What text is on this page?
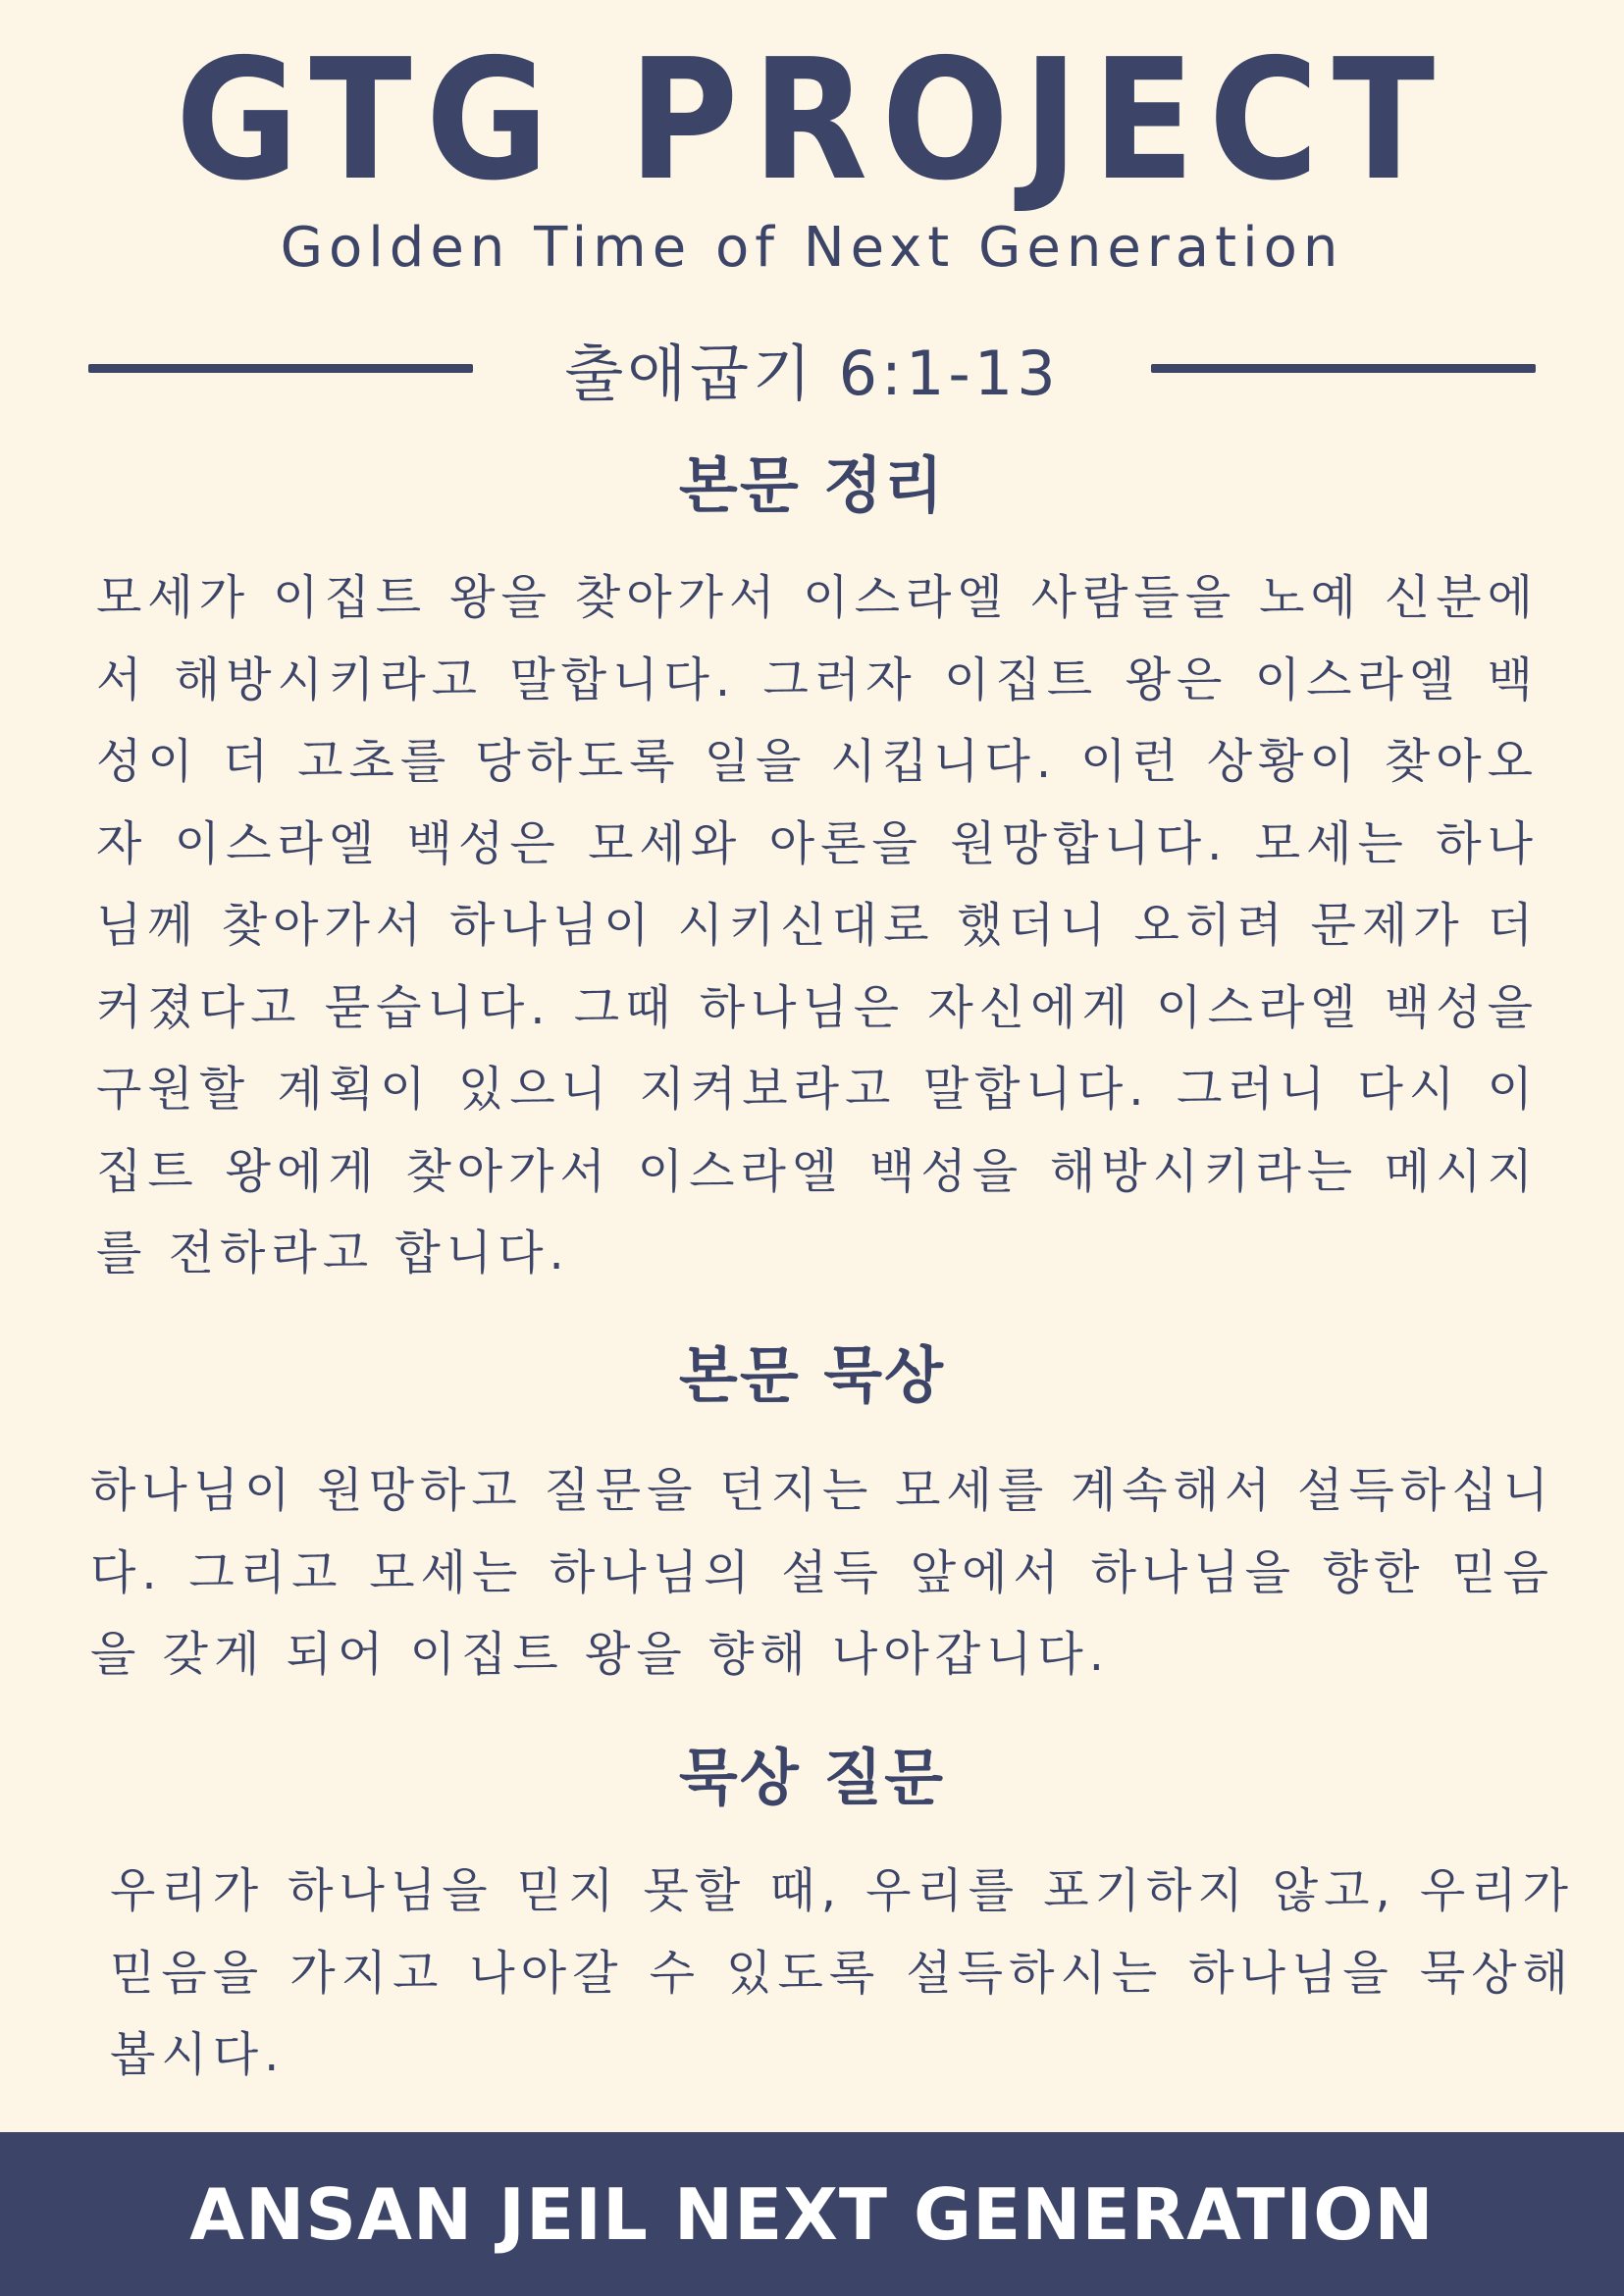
GTG PROJECT
Golden Time of Next Generation
출애굽기 6:1-13
본문 정리

모세가 이집트 왕을 찾아가서 이스라엘 사람들을 노예 신분에서 해방시키라고 말합니다. 그러자 이집트 왕은 이스라엘 백성이 더 고초를 당하도록 일을 시킵니다. 이런 상황이 찾아오자 이스라엘 백성은 모세와 아론을 원망합니다. 모세는 하나님께 찾아가서 하나님이 시키신대로 했더니 오히려 문제가 더 커졌다고 묻습니다. 그때 하나님은 자신에게 이스라엘 백성을 구원할 계획이 있으니 지켜보라고 말합니다. 그러니 다시 이집트 왕에게 찾아가서 이스라엘 백성을 해방시키라는 메시지를 전하라고 합니다.

본문 묵상

하나님이 원망하고 질문을 던지는 모세를 계속해서 설득하십니다. 그리고 모세는 하나님의 설득 앞에서 하나님을 향한 믿음을 갖게 되어 이집트 왕을 향해 나아갑니다.

묵상 질문

우리가 하나님을 믿지 못할 때, 우리를 포기하지 않고, 우리가 믿음을 가지고 나아갈 수 있도록 설득하시는 하나님을 묵상해봅시다.

ANSAN JEIL NEXT GENERATION
